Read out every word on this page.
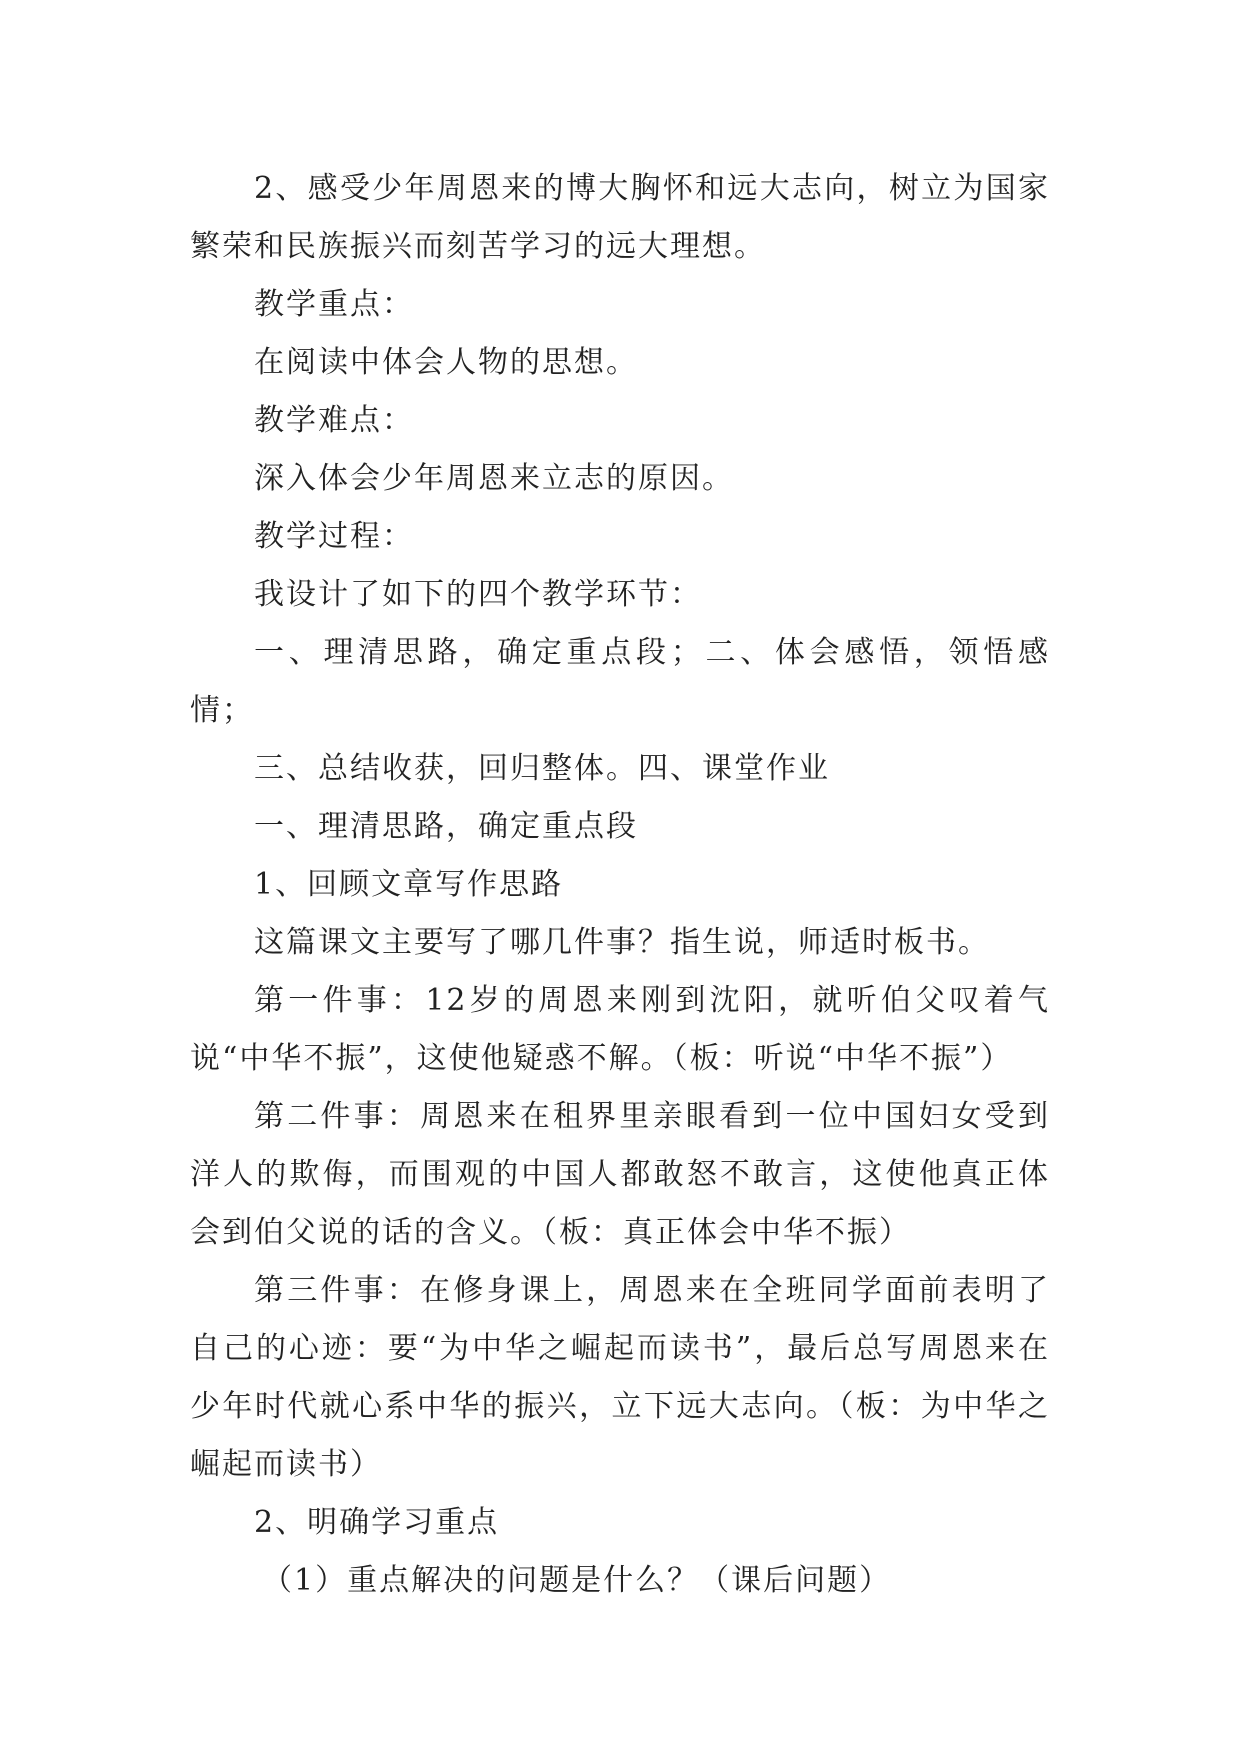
2、感受少年周恩来的博大胸怀和远大志向，树立为国家繁荣和民族振兴而刻苦学习的远大理想。

教学重点：

在阅读中体会人物的思想。

教学难点：

深入体会少年周恩来立志的原因。

教学过程：

我设计了如下的四个教学环节：

一、理清思路，确定重点段；二、体会感悟，领悟感情；

三、总结收获，回归整体。四、课堂作业

一、理清思路，确定重点段

1、回顾文章写作思路

这篇课文主要写了哪几件事？指生说，师适时板书。

第一件事：12岁的周恩来刚到沈阳，就听伯父叹着气说“中华不振”，这使他疑惑不解。（板：听说“中华不振”）

第二件事：周恩来在租界里亲眼看到一位中国妇女受到洋人的欺侮，而围观的中国人都敢怒不敢言，这使他真正体会到伯父说的话的含义。（板：真正体会中华不振）

第三件事：在修身课上，周恩来在全班同学面前表明了自己的心迹：要“为中华之崛起而读书”，最后总写周恩来在少年时代就心系中华的振兴，立下远大志向。（板：为中华之崛起而读书）

2、明确学习重点

（1）重点解决的问题是什么？（课后问题）
